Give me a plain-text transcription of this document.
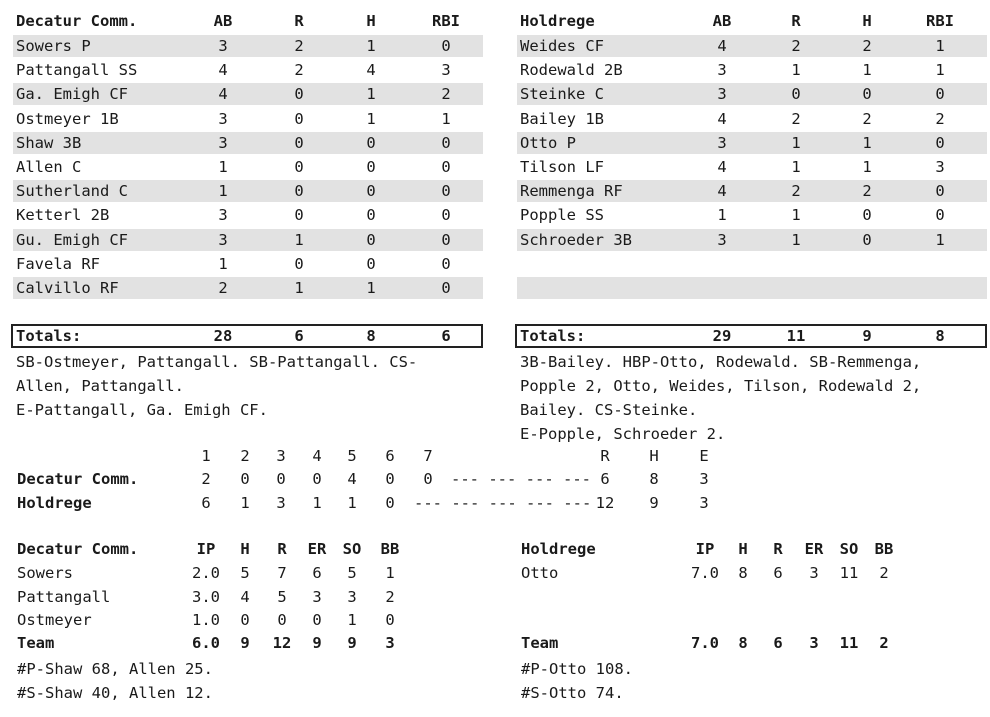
Decatur Comm.	AB	R	H	RBI
Sowers P	3	2	1	0
Pattangall SS	4	2	4	3
Ga. Emigh CF	4	0	1	2
Ostmeyer 1B	3	0	1	1
Shaw 3B	3	0	0	0
Allen C	1	0	0	0
Sutherland C	1	0	0	0
Ketterl 2B	3	0	0	0
Gu. Emigh CF	3	1	0	0
Favela RF	1	0	0	0
Calvillo RF	2	1	1	0
Totals:	28	6	8	6
SB-Ostmeyer, Pattangall. SB-Pattangall. CS-
Allen, Pattangall.
E-Pattangall, Ga. Emigh CF.
Holdrege	AB	R	H	RBI
Weides CF	4	2	2	1
Rodewald 2B	3	1	1	1
Steinke C	3	0	0	0
Bailey 1B	4	2	2	2
Otto P	3	1	1	0
Tilson LF	4	1	1	3
Remmenga RF	4	2	2	0
Popple SS	1	1	0	0
Schroeder 3B	3	1	0	1
Totals:	29	11	9	8
3B-Bailey. HBP-Otto, Rodewald. SB-Remmenga,
Popple 2, Otto, Weides, Tilson, Rodewald 2,
Bailey. CS-Steinke.
E-Popple, Schroeder 2.
1	2	3	4	5	6	7	R	H	E
Decatur Comm.	2	0	0	0	4	0	0	--- --- --- --- 6	8	3
Holdrege	6	1	3	1	1	0	--- --- --- --- --- 12	9	3
Decatur Comm.	IP	H	R	ER	SO	BB
Sowers	2.0	5	7	6	5	1
Pattangall	3.0	4	5	3	3	2
Ostmeyer	1.0	0	0	0	1	0
Team	6.0	9	12	9	9	3
#P-Shaw 68, Allen 25.
#S-Shaw 40, Allen 12.
Holdrege	IP	H	R	ER	SO	BB
Otto	7.0	8	6	3	11	2
Team	7.0	8	6	3	11	2
#P-Otto 108.
#S-Otto 74.
